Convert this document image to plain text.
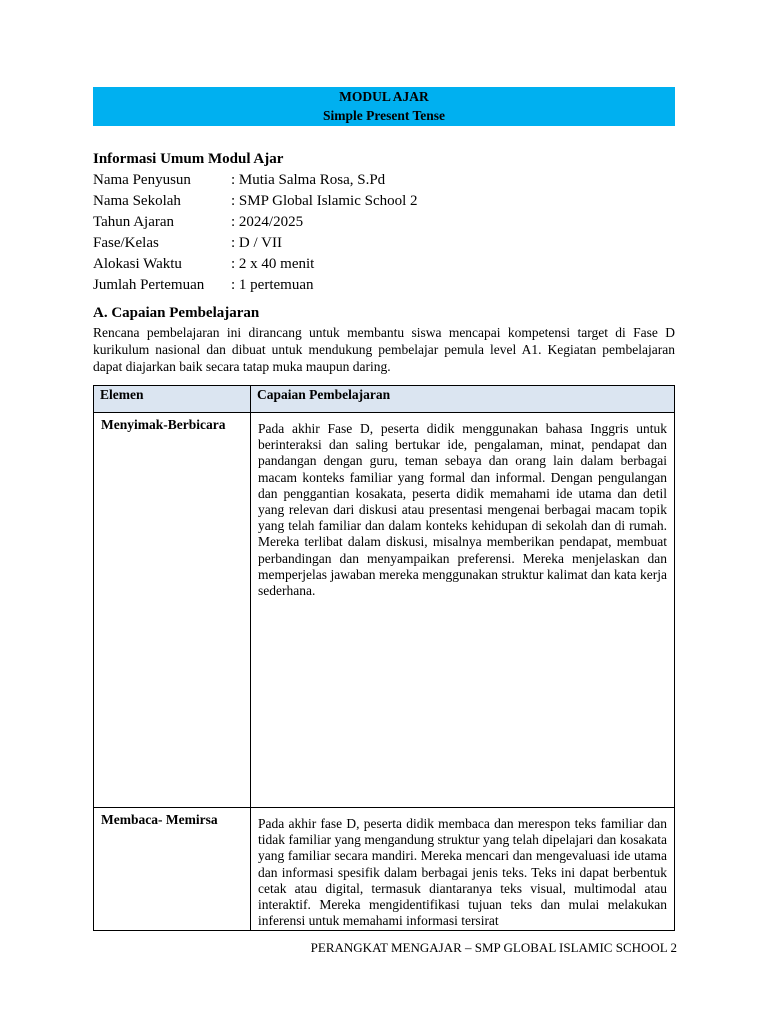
MODUL AJAR
Simple Present Tense
Informasi Umum Modul Ajar
Nama Penyusun	: Mutia Salma Rosa, S.Pd
Nama Sekolah	: SMP Global Islamic School 2
Tahun Ajaran	: 2024/2025
Fase/Kelas	: D / VII
Alokasi Waktu	: 2 x 40 menit
Jumlah Pertemuan	: 1 pertemuan
A. Capaian Pembelajaran
Rencana pembelajaran ini dirancang untuk membantu siswa mencapai kompetensi target di Fase D kurikulum nasional dan dibuat untuk mendukung pembelajar pemula level A1. Kegiatan pembelajaran dapat diajarkan baik secara tatap muka maupun daring.
Elemen	Capaian Pembelajaran

Menyimak-Berbicara	Pada akhir Fase D, peserta didik menggunakan bahasa Inggris untuk berinteraksi dan saling bertukar ide, pengalaman, minat, pendapat dan pandangan dengan guru, teman sebaya dan orang lain dalam berbagai macam konteks familiar yang formal dan informal. Dengan pengulangan dan penggantian kosakata, peserta didik memahami ide utama dan detil yang relevan dari diskusi atau presentasi mengenai berbagai macam topik yang telah familiar dan dalam konteks kehidupan di sekolah dan di rumah. Mereka terlibat dalam diskusi, misalnya memberikan pendapat, membuat perbandingan dan menyampaikan preferensi. Mereka menjelaskan dan memperjelas jawaban mereka menggunakan struktur kalimat dan kata kerja sederhana.

Membaca- Memirsa	Pada akhir fase D, peserta didik membaca dan merespon teks familiar dan tidak familiar yang mengandung struktur yang telah dipelajari dan kosakata yang familiar secara mandiri. Mereka mencari dan mengevaluasi ide utama dan informasi spesifik dalam berbagai jenis teks. Teks ini dapat berbentuk cetak atau digital, termasuk diantaranya teks visual, multimodal atau interaktif. Mereka mengidentifikasi tujuan teks dan mulai melakukan inferensi untuk memahami informasi tersirat
PERANGKAT MENGAJAR – SMP GLOBAL ISLAMIC SCHOOL 2
